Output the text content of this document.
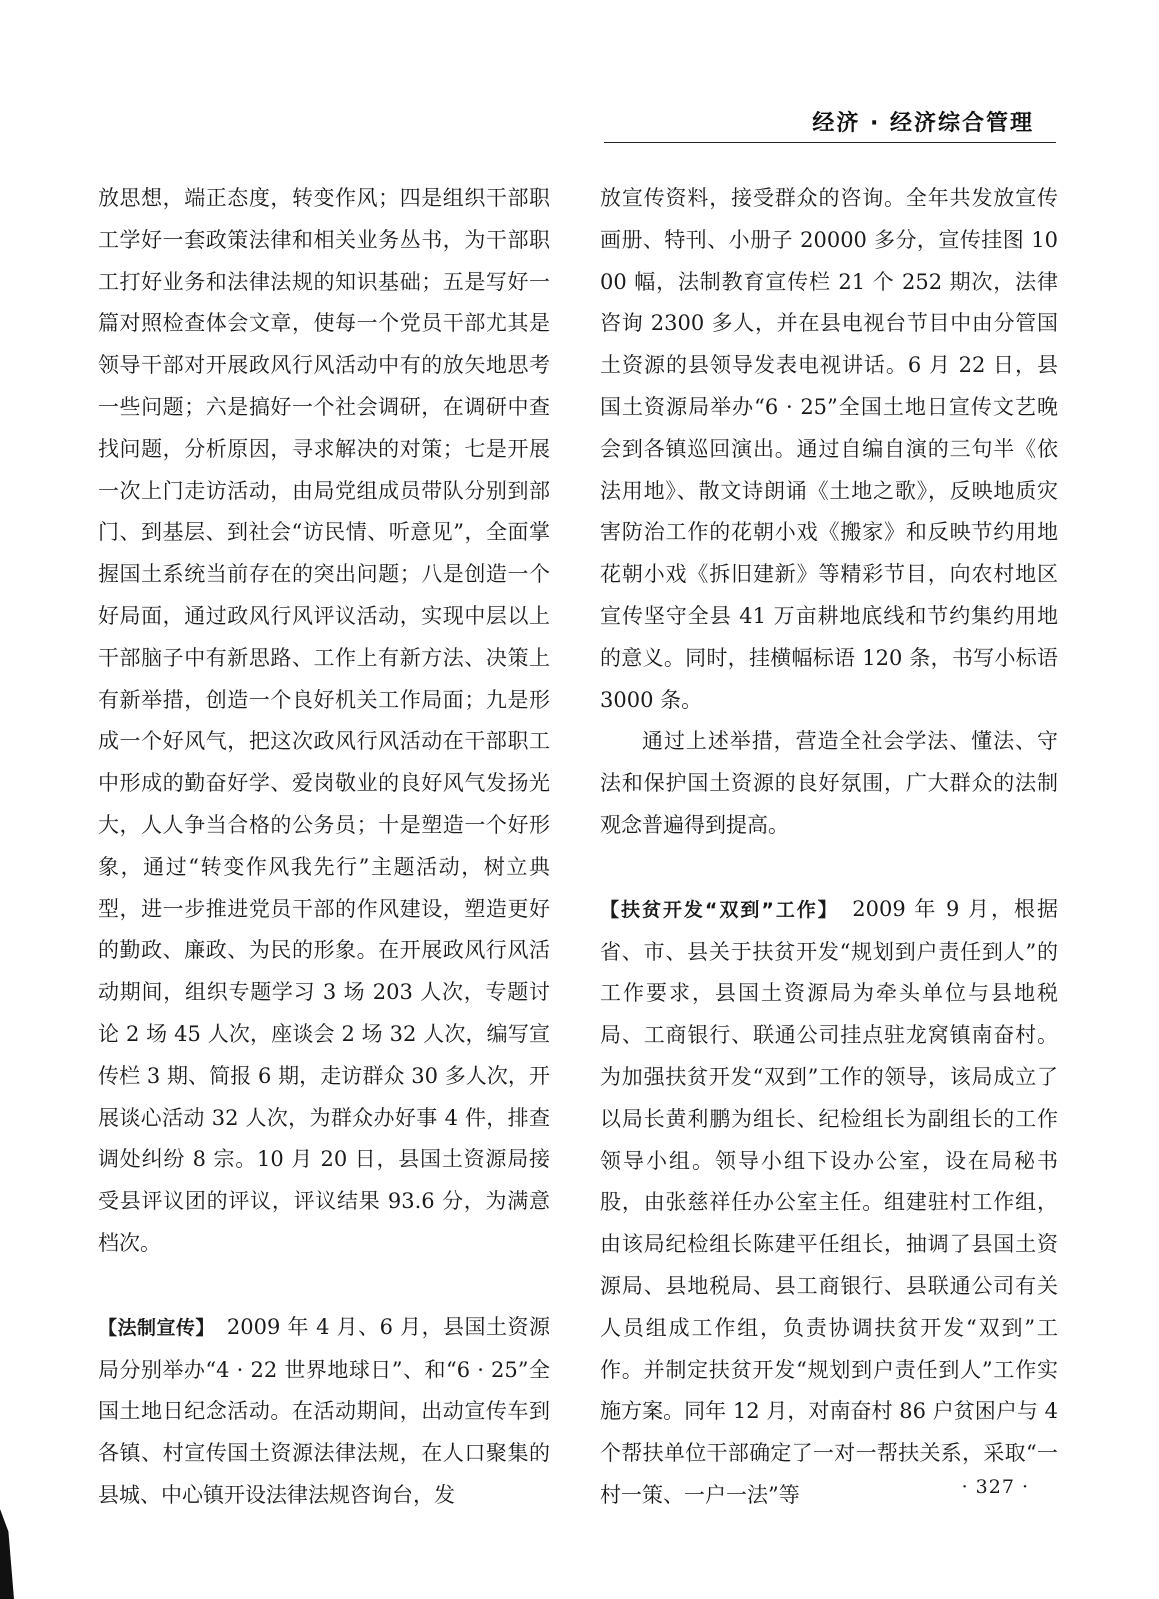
经济 · 经济综合管理

放思想，端正态度，转变作风；四是组织干部职工学好一套政策法律和相关业务丛书，为干部职工打好业务和法律法规的知识基础；五是写好一篇对照检查体会文章，使每一个党员干部尤其是领导干部对开展政风行风活动中有的放矢地思考一些问题；六是搞好一个社会调研，在调研中查找问题，分析原因，寻求解决的对策；七是开展一次上门走访活动，由局党组成员带队分别到部门、到基层、到社会“访民情、听意见”，全面掌握国土系统当前存在的突出问题；八是创造一个好局面，通过政风行风评议活动，实现中层以上干部脑子中有新思路、工作上有新方法、决策上有新举措，创造一个良好机关工作局面；九是形成一个好风气，把这次政风行风活动在干部职工中形成的勤奋好学、爱岗敬业的良好风气发扬光大，人人争当合格的公务员；十是塑造一个好形象，通过“转变作风我先行”主题活动，树立典型，进一步推进党员干部的作风建设，塑造更好的勤政、廉政、为民的形象。在开展政风行风活动期间，组织专题学习 3 场 203 人次，专题讨论 2 场 45 人次，座谈会 2 场 32 人次，编写宣传栏 3 期、简报 6 期，走访群众 30 多人次，开展谈心活动 32 人次，为群众办好事 4 件，排查调处纠纷 8 宗。10 月 20 日，县国土资源局接受县评议团的评议，评议结果 93.6 分，为满意档次。

【法制宣传】　2009 年 4 月、6 月，县国土资源局分别举办“4 · 22 世界地球日”、和“6 · 25”全国土地日纪念活动。在活动期间，出动宣传车到各镇、村宣传国土资源法律法规，在人口聚集的县城、中心镇开设法律法规咨询台，发

放宣传资料，接受群众的咨询。全年共发放宣传画册、特刊、小册子 20000 多分，宣传挂图 1000 幅，法制教育宣传栏 21 个 252 期次，法律咨询 2300 多人，并在县电视台节目中由分管国土资源的县领导发表电视讲话。6 月 22 日，县国土资源局举办“6 · 25”全国土地日宣传文艺晚会到各镇巡回演出。通过自编自演的三句半《依法用地》、散文诗朗诵《土地之歌》，反映地质灾害防治工作的花朝小戏《搬家》和反映节约用地花朝小戏《拆旧建新》等精彩节目，向农村地区宣传坚守全县 41 万亩耕地底线和节约集约用地的意义。同时，挂横幅标语 120 条，书写小标语 3000 条。

通过上述举措，营造全社会学法、懂法、守法和保护国土资源的良好氛围，广大群众的法制观念普遍得到提高。

【扶贫开发“双到”工作】　2009 年 9 月，根据省、市、县关于扶贫开发“规划到户责任到人”的工作要求，县国土资源局为牵头单位与县地税局、工商银行、联通公司挂点驻龙窝镇南奋村。为加强扶贫开发“双到”工作的领导，该局成立了以局长黄利鹏为组长、纪检组长为副组长的工作领导小组。领导小组下设办公室，设在局秘书股，由张慈祥任办公室主任。组建驻村工作组，由该局纪检组长陈建平任组长，抽调了县国土资源局、县地税局、县工商银行、县联通公司有关人员组成工作组，负责协调扶贫开发“双到”工作。并制定扶贫开发“规划到户责任到人”工作实施方案。同年 12 月，对南奋村 86 户贫困户与 4 个帮扶单位干部确定了一对一帮扶关系，采取“一村一策、一户一法”等	· 327 ·
